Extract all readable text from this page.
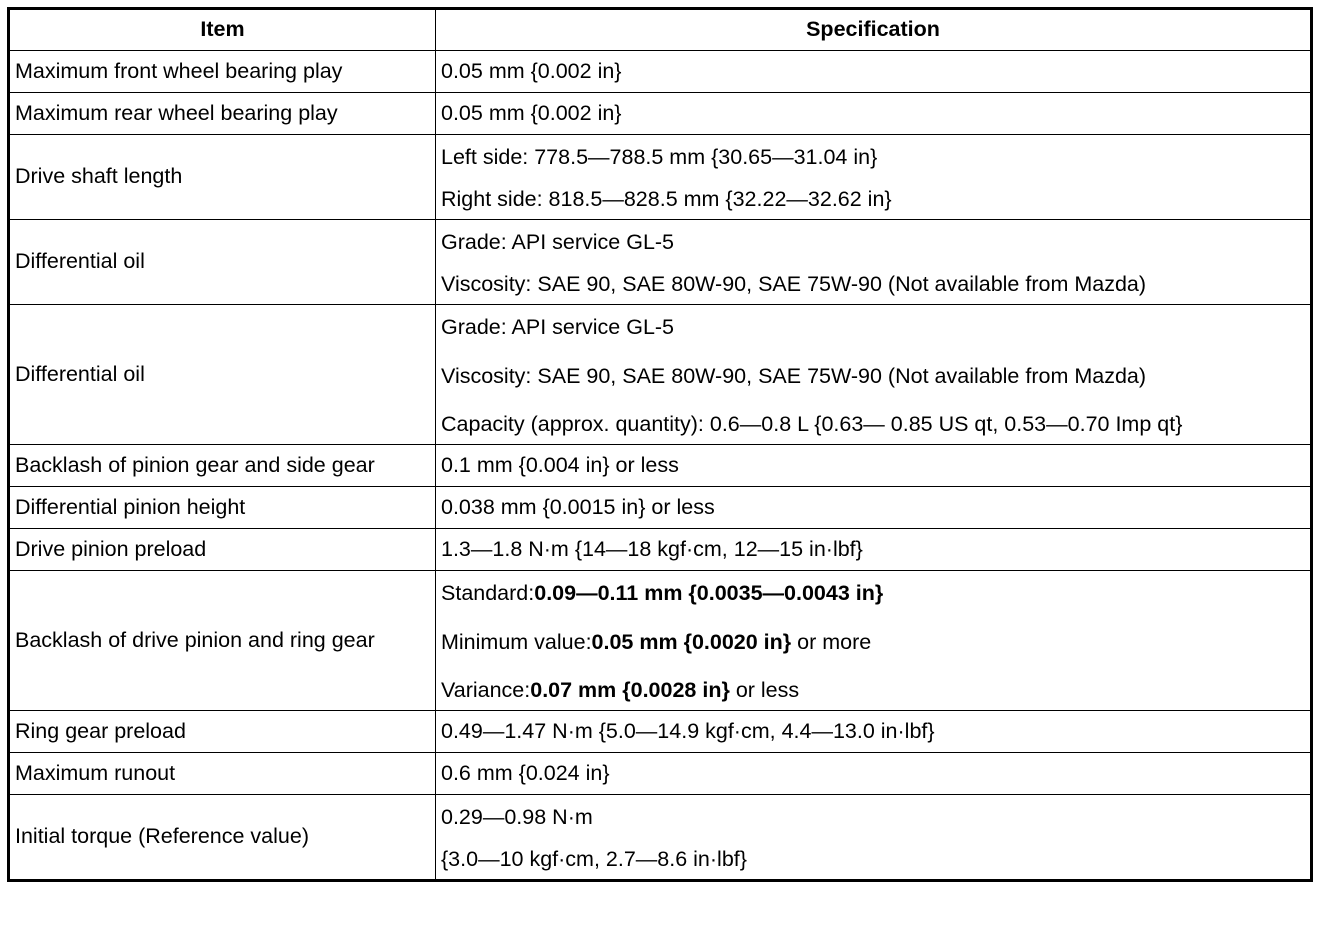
Item	Specification
Maximum front wheel bearing play	0.05 mm {0.002 in}
Maximum rear wheel bearing play	0.05 mm {0.002 in}
Drive shaft length	Left side: 778.5—788.5 mm {30.65—31.04 in}
Right side: 818.5—828.5 mm {32.22—32.62 in}

Differential oil	Grade: API service GL-5
Viscosity: SAE 90, SAE 80W-90, SAE 75W-90 (Not available from Mazda)

Differential oil	Grade: API service GL-5
Viscosity: SAE 90, SAE 80W-90, SAE 75W-90 (Not available from Mazda)
Capacity (approx. quantity): 0.6—0.8 L {0.63— 0.85 US qt, 0.53—0.70 Imp qt}

Backlash of pinion gear and side gear	0.1 mm {0.004 in} or less
Differential pinion height	0.038 mm {0.0015 in} or less
Drive pinion preload	1.3—1.8 N·m {14—18 kgf·cm, 12—15 in·lbf}
Backlash of drive pinion and ring gear	Standard:0.09—0.11 mm {0.0035—0.0043 in}
Minimum value:0.05 mm {0.0020 in} or more
Variance:0.07 mm {0.0028 in} or less

Ring gear preload	0.49—1.47 N·m {5.0—14.9 kgf·cm, 4.4—13.0 in·lbf}
Maximum runout	0.6 mm {0.024 in}
Initial torque (Reference value)	0.29—0.98 N·m
{3.0—10 kgf·cm, 2.7—8.6 in·lbf}
